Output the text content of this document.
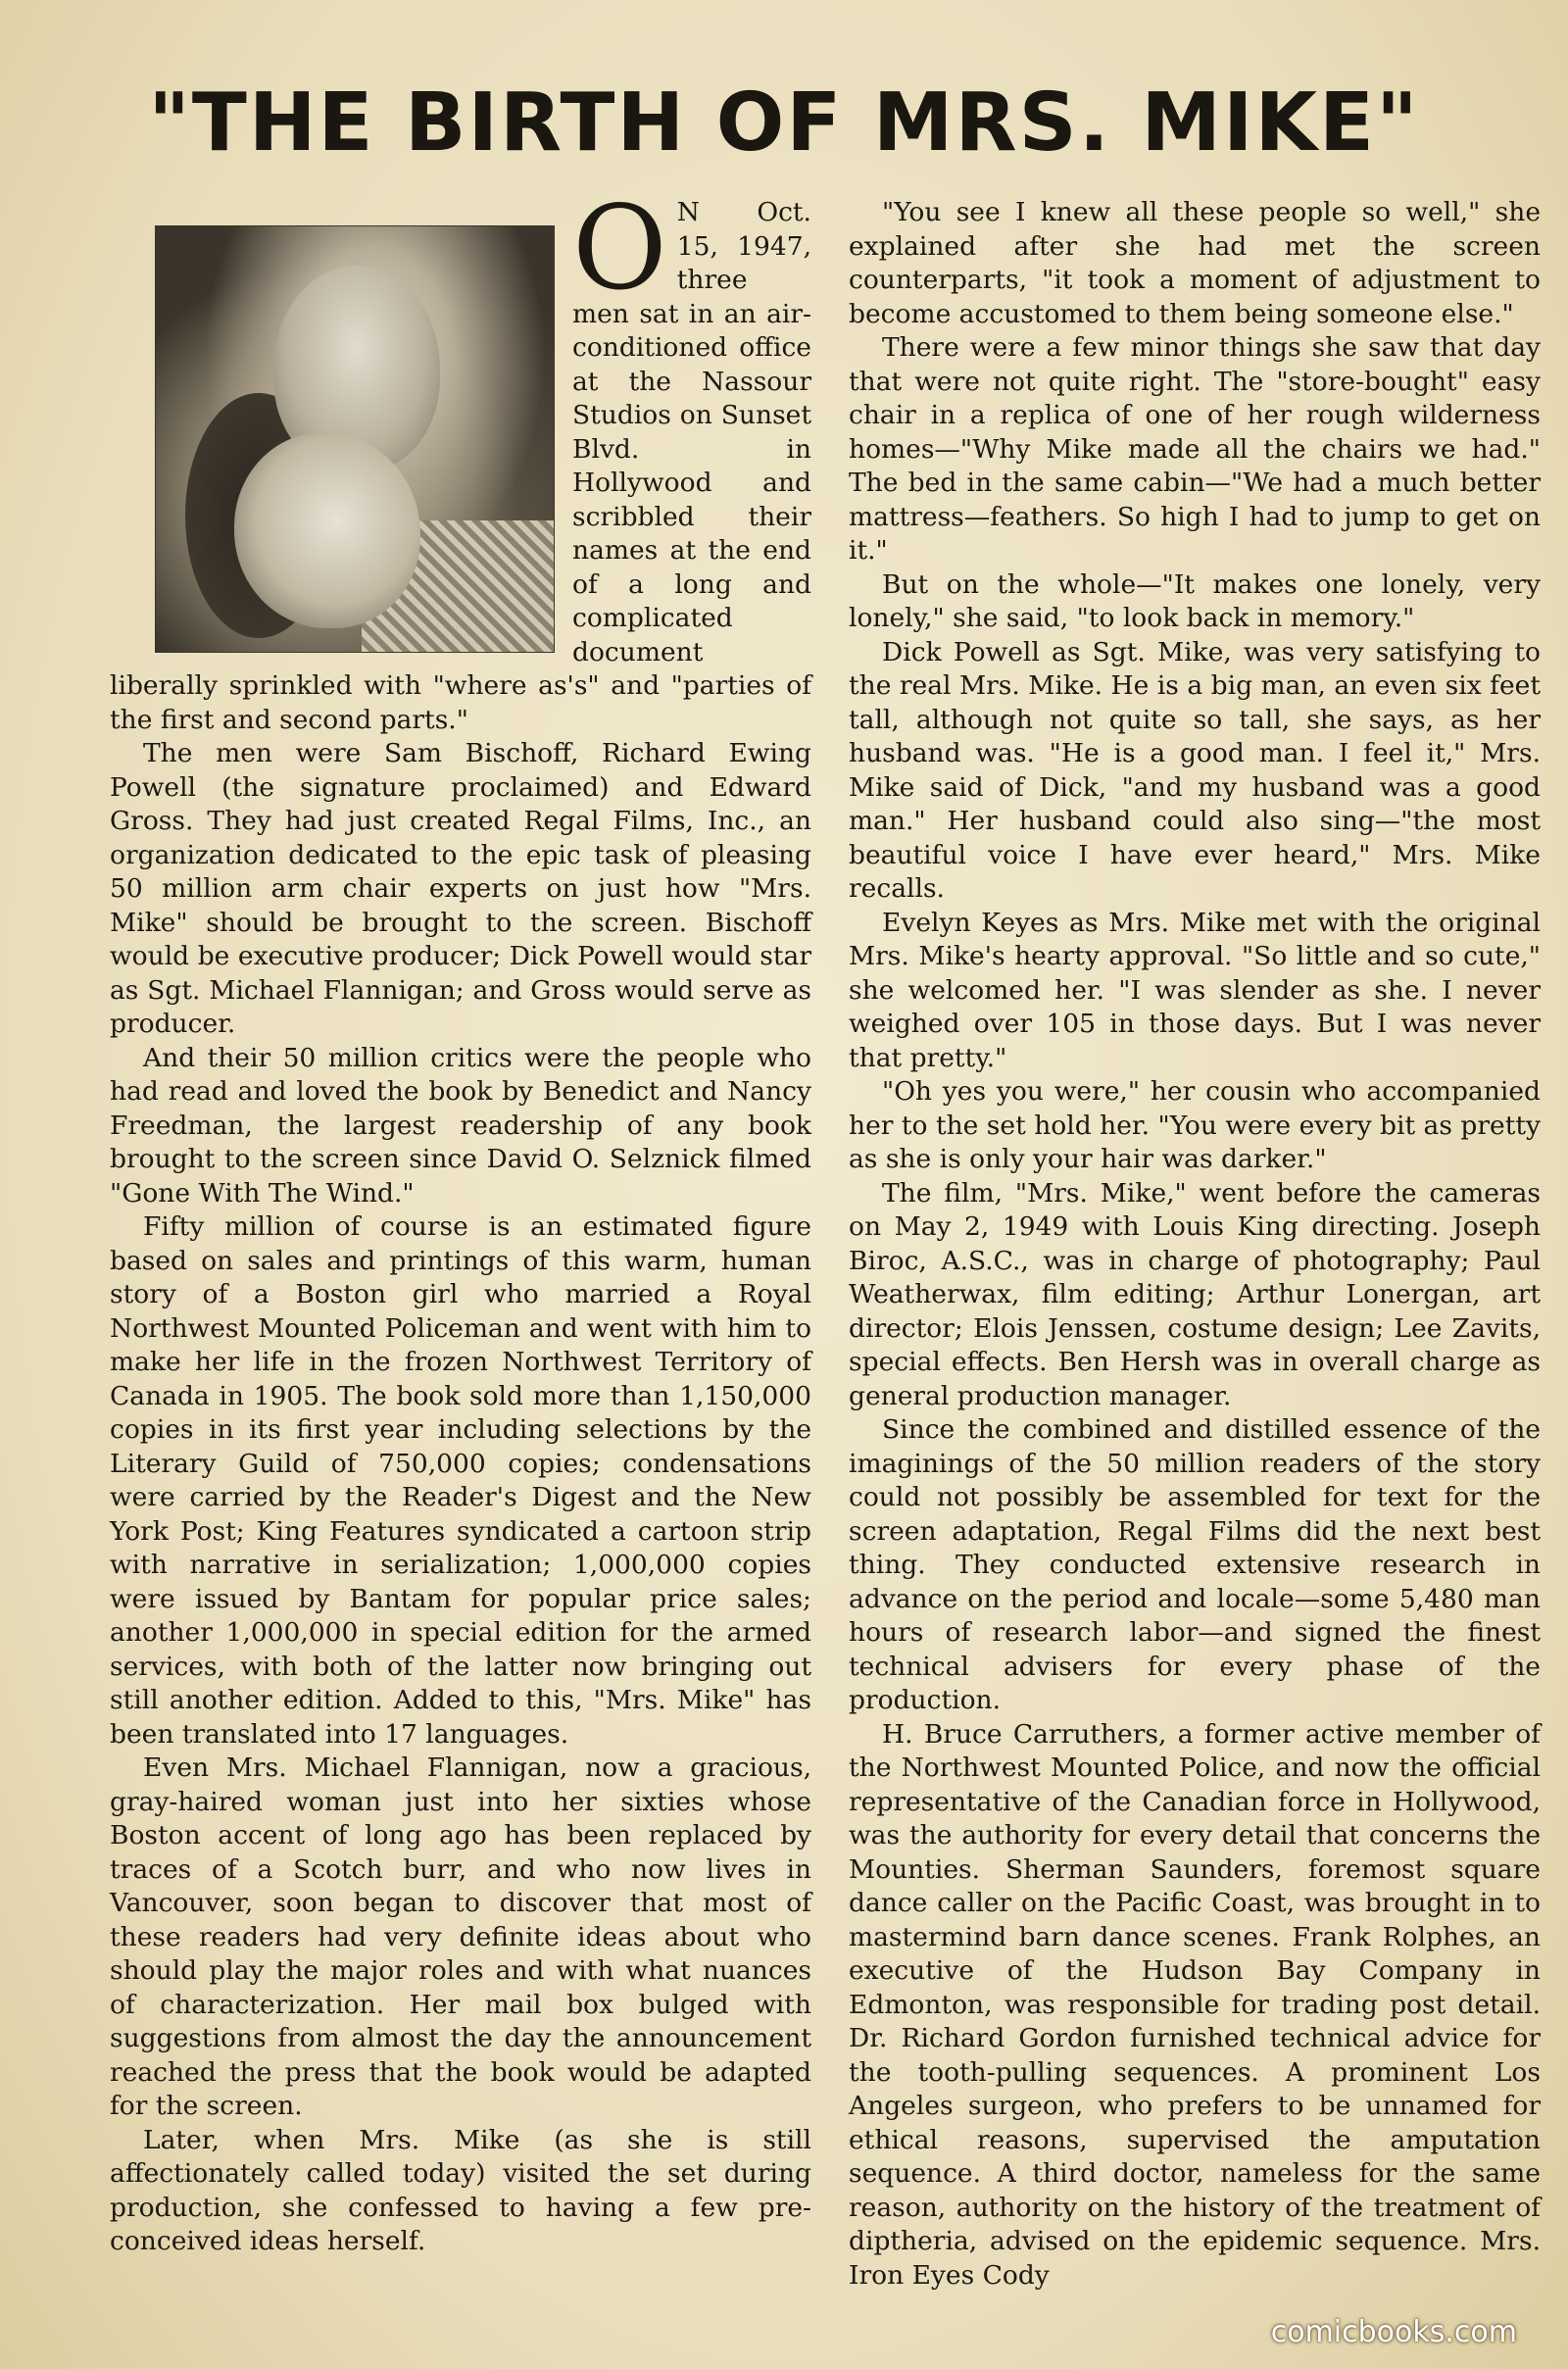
"THE BIRTH OF MRS. MIKE"

O N Oct. 15, 1947, three men sat in an air-conditioned office at the Nassour Studios on Sunset Blvd. in Hollywood and scribbled their names at the end of a long and complicated document liberally sprinkled with "where as's" and "parties of the first and second parts."

The men were Sam Bischoff, Richard Ewing Powell (the signature proclaimed) and Edward Gross. They had just created Regal Films, Inc., an organization dedicated to the epic task of pleasing 50 million arm chair experts on just how "Mrs. Mike" should be brought to the screen. Bischoff would be executive producer; Dick Powell would star as Sgt. Michael Flannigan; and Gross would serve as producer.

And their 50 million critics were the people who had read and loved the book by Benedict and Nancy Freedman, the largest readership of any book brought to the screen since David O. Selznick filmed "Gone With The Wind."

Fifty million of course is an estimated figure based on sales and printings of this warm, human story of a Boston girl who married a Royal Northwest Mounted Policeman and went with him to make her life in the frozen Northwest Territory of Canada in 1905. The book sold more than 1,150,000 copies in its first year including selections by the Literary Guild of 750,000 copies; condensations were carried by the Reader's Digest and the New York Post; King Features syndicated a cartoon strip with narrative in serialization; 1,000,000 copies were issued by Bantam for popular price sales; another 1,000,000 in special edition for the armed services, with both of the latter now bringing out still another edition. Added to this, "Mrs. Mike" has been translated into 17 languages.

Even Mrs. Michael Flannigan, now a gracious, gray-haired woman just into her sixties whose Boston accent of long ago has been replaced by traces of a Scotch burr, and who now lives in Vancouver, soon began to discover that most of these readers had very definite ideas about who should play the major roles and with what nuances of characterization. Her mail box bulged with suggestions from almost the day the announcement reached the press that the book would be adapted for the screen.

Later, when Mrs. Mike (as she is still affectionately called today) visited the set during production, she confessed to having a few pre-conceived ideas herself.

"You see I knew all these people so well," she explained after she had met the screen counterparts, "it took a moment of adjustment to become accustomed to them being someone else."

There were a few minor things she saw that day that were not quite right. The "store-bought" easy chair in a replica of one of her rough wilderness homes—"Why Mike made all the chairs we had." The bed in the same cabin—"We had a much better mattress—feathers. So high I had to jump to get on it."

But on the whole—"It makes one lonely, very lonely," she said, "to look back in memory."

Dick Powell as Sgt. Mike, was very satisfying to the real Mrs. Mike. He is a big man, an even six feet tall, although not quite so tall, she says, as her husband was. "He is a good man. I feel it," Mrs. Mike said of Dick, "and my husband was a good man." Her husband could also sing—"the most beautiful voice I have ever heard," Mrs. Mike recalls.

Evelyn Keyes as Mrs. Mike met with the original Mrs. Mike's hearty approval. "So little and so cute," she welcomed her. "I was slender as she. I never weighed over 105 in those days. But I was never that pretty."

"Oh yes you were," her cousin who accompanied her to the set hold her. "You were every bit as pretty as she is only your hair was darker."

The film, "Mrs. Mike," went before the cameras on May 2, 1949 with Louis King directing. Joseph Biroc, A.S.C., was in charge of photography; Paul Weatherwax, film editing; Arthur Lonergan, art director; Elois Jenssen, costume design; Lee Zavits, special effects. Ben Hersh was in overall charge as general production manager.

Since the combined and distilled essence of the imaginings of the 50 million readers of the story could not possibly be assembled for text for the screen adaptation, Regal Films did the next best thing. They conducted extensive research in advance on the period and locale—some 5,480 man hours of research labor—and signed the finest technical advisers for every phase of the production.

H. Bruce Carruthers, a former active member of the Northwest Mounted Police, and now the official representative of the Canadian force in Hollywood, was the authority for every detail that concerns the Mounties. Sherman Saunders, foremost square dance caller on the Pacific Coast, was brought in to mastermind barn dance scenes. Frank Rolphes, an executive of the Hudson Bay Company in Edmonton, was responsible for trading post detail. Dr. Richard Gordon furnished technical advice for the tooth-pulling sequences. A prominent Los Angeles surgeon, who prefers to be unnamed for ethical reasons, supervised the amputation sequence. A third doctor, nameless for the same reason, authority on the history of the treatment of diptheria, advised on the epidemic sequence. Mrs. Iron Eyes Cody

comicbooks.com
